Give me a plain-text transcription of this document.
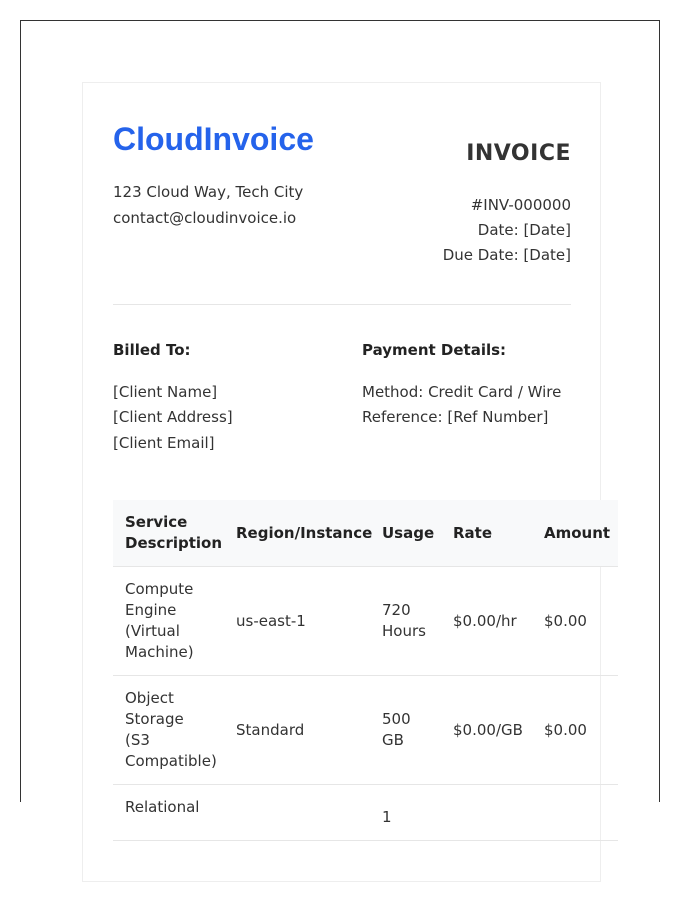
CloudInvoice
123 Cloud Way, Tech City
contact@cloudinvoice.io
INVOICE
#INV-000000
Date: [Date]
Due Date: [Date]
Billed To:
[Client Name]
[Client Address]
[Client Email]
Payment Details:
Method: Credit Card / Wire
Reference: [Ref Number]
Service Description	Region/Instance	Usage	Rate	Amount
Compute Engine (Virtual Machine)	us-east-1	720 Hours	$0.00/hr	$0.00
Object Storage (S3 Compatible)	Standard	500 GB	$0.00/GB	$0.00
Relational		1		
